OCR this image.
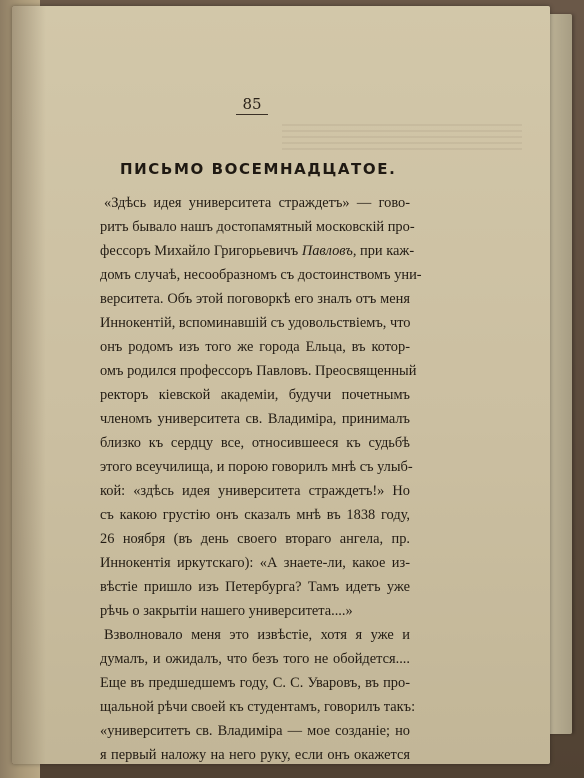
85
ПИСЬМО ВОСЕМНАДЦАТОЕ.
«Здѣсь идея университета страждетъ» — гово-
ритъ бывало нашъ достопамятный московскій про-
фессоръ Михайло Григорьевичъ Павловъ, при каж-
домъ случаѣ, несообразномъ съ достоинствомъ уни-
верситета. Объ этой поговоркѣ его зналъ отъ меня
Иннокентій, вспоминавшій съ удовольствіемъ, что
онъ родомъ изъ того же города Ельца, въ котор-
омъ родился профессоръ Павловъ. Преосвященный
ректоръ кіевской академіи, будучи почетнымъ
членомъ университета св. Владиміра, принималъ
близко къ сердцу все, относившееся къ судьбѣ
этого всеучилища, и порою говорилъ мнѣ съ улыб-
кой: «здѣсь идея университета страждетъ!» Но
съ какою грустію онъ сказалъ мнѣ въ 1838 году,
26 ноября (въ день своего втораго ангела, пр.
Иннокентія иркутскаго): «А знаете-ли, какое из-
вѣстіе пришло изъ Петербурга? Тамъ идетъ уже
рѣчь о закрытіи нашего университета....»
Взволновало меня это извѣстіе, хотя я уже и
думалъ, и ожидалъ, что безъ того не обойдется....
Еще въ предшедшемъ году, С. С. Уваровъ, въ про-
щальной рѣчи своей къ студентамъ, говорилъ такъ:
«университетъ св. Владиміра — мое созданіе; но
я первый наложу на него руку, если онъ окажется
